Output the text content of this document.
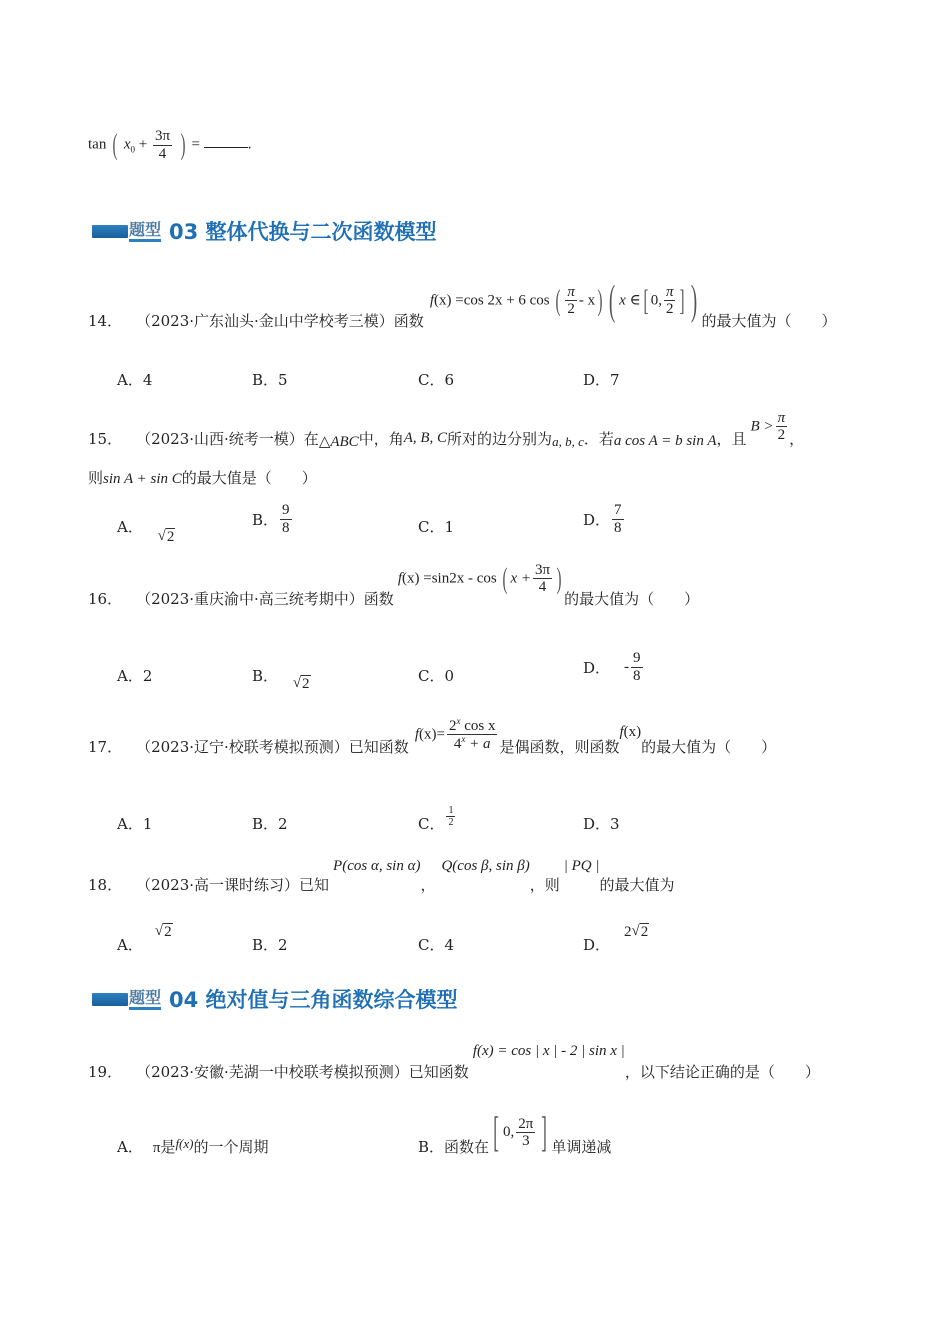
tan ( $x_0 + \frac{3\pi}{4}$ ) =	.
题型 03 整体代换与二次函数模型
14． （2023·广东汕头·金山中学校考三模）函数
f(x) =cos 2x + 6 cos ( $\frac{\pi}{2} - x$) ( x ∈[ 0, $\frac{\pi}{2}$ ] ) 的最大值为（　　）
A．4	B．5	C．6	D．7
15． （2023·山西·统考一模）在 △ABC 中，角 A, B, C 所对的边分别为 a, b, c ．若 a cos A = b sin A ，且
$B > \frac{\pi}{2}$ ，
则sin A + sin C的最大值是（　　）
A． √ 2
B． $\frac{9}{8}$	C．1	D． $\frac{7}{8}$
16． （2023·重庆渝中·高三统考期中）函数
f(x) =sin2x - cos ( $x + \frac{3\pi}{4}$ )
的最大值为（　　）
A．2	B． √ 2	C．0	D． - $\frac{9}{8}$
17． （2023·辽宁·校联考模拟预测）已知函数
$f(x)= \frac{2^x \cos x}{4^x + a}$ 是偶函数，则函数
f(x)
的最大值为（　　）
A．1	B．2	C． $\frac{1}{2}$	D．3
18． （2023·高一课时练习）已知
P(cos α, sin α)
，
Q(cos β, sin β)
，则
| PQ |
的最大值为
A．
√ 2
B．2	C．4	D．
2 √ 2
题型 04 绝对值与三角函数综合模型
19． （2023·安徽·芜湖一中校联考模拟预测）已知函数
f(x) = cos | x | - 2 | sin x |
，以下结论正确的是（　　）
A． π是f(x)的一个周期	B．函数在 [ 0, $\frac{2\pi}{3}$ ] 单调递减
